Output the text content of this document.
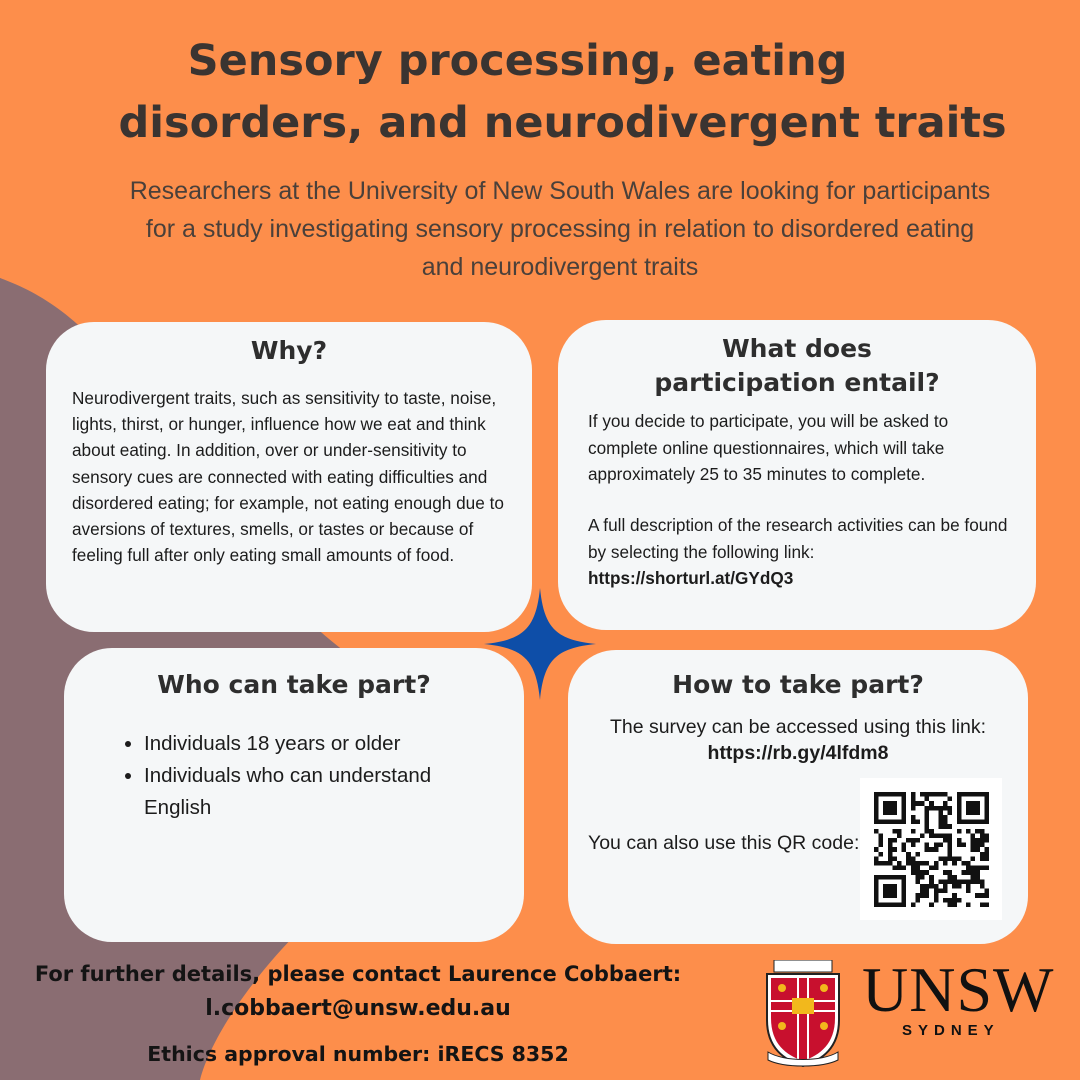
Sensory processing, eating
disorders, and neurodivergent traits
Researchers at the University of New South Wales are looking for participants
for a study investigating sensory processing in relation to disordered eating
and neurodivergent traits
Why?

Neurodivergent traits, such as sensitivity to taste, noise, lights, thirst, or hunger, influence how we eat and think about eating. In addition, over or under-sensitivity to sensory cues are connected with eating difficulties and disordered eating; for example, not eating enough due to aversions of textures, smells, or tastes or because of feeling full after only eating small amounts of food.

What does
participation entail?

If you decide to participate, you will be asked to complete online questionnaires, which will take approximately 25 to 35 minutes to complete.

A full description of the research activities can be found by selecting the following link:
https://shorturl.at/GYdQ3

Who can take part?
• Individuals 18 years or older
• Individuals who can understand English
How to take part?

The survey can be accessed using this link:

https://rb.gy/4lfdm8
You can also use this QR code:
For further details, please contact Laurence Cobbaert:
l.cobbaert@unsw.edu.au
Ethics approval number: iRECS 8352
UNSW
SYDNEY
